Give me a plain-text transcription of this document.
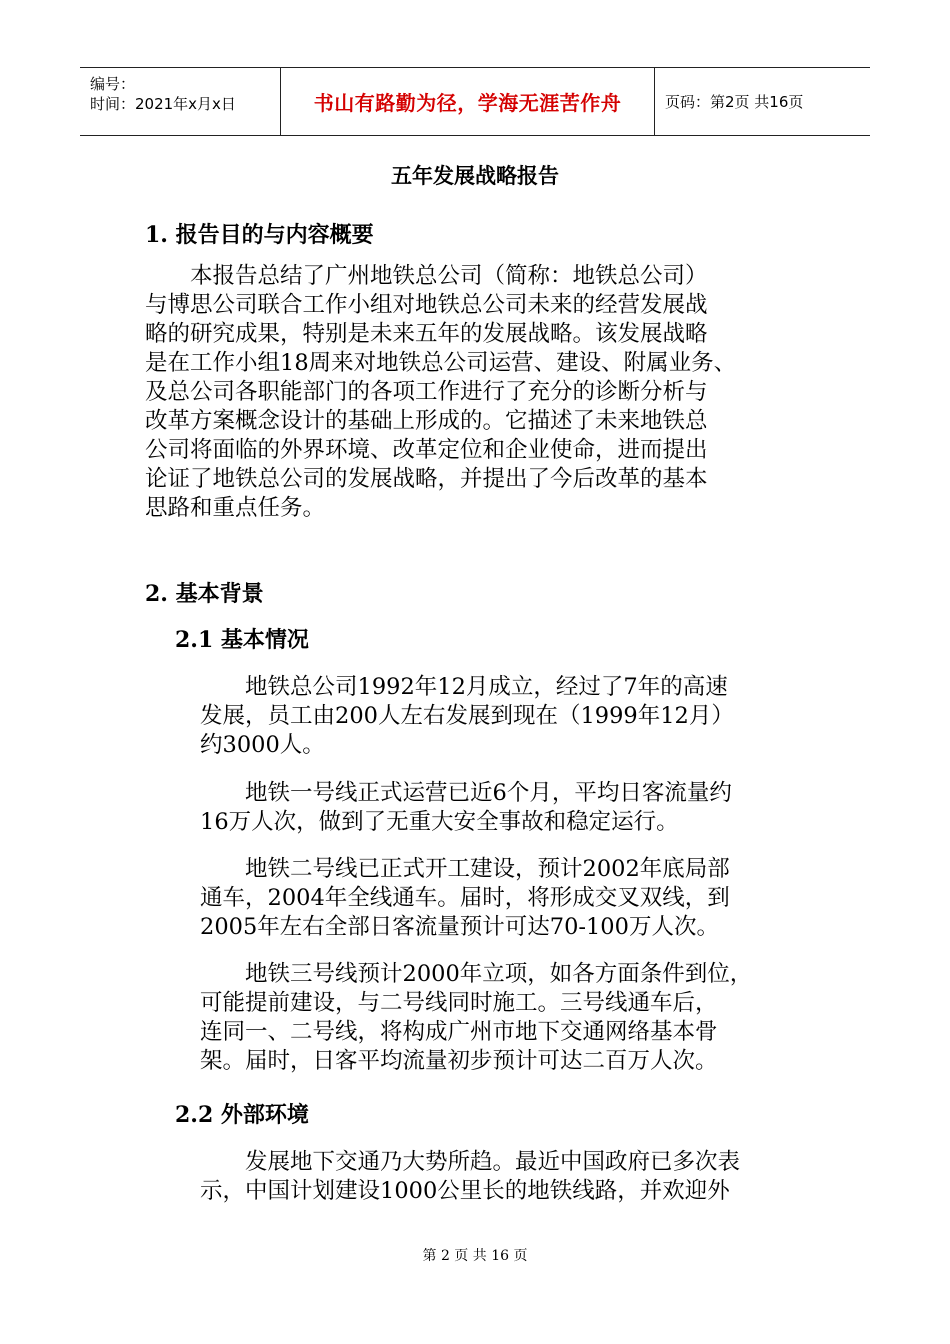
编号：
时间：2021年x月x日	书山有路勤为径，学海无涯苦作舟	页码：第2页 共16页
五年发展战略报告
1. 报告目的与内容概要
　　本报告总结了广州地铁总公司（简称：地铁总公司）
与博思公司联合工作小组对地铁总公司未来的经营发展战
略的研究成果，特别是未来五年的发展战略。该发展战略
是在工作小组18周来对地铁总公司运营、建设、附属业务、
及总公司各职能部门的各项工作进行了充分的诊断分析与
改革方案概念设计的基础上形成的。它描述了未来地铁总
公司将面临的外界环境、改革定位和企业使命，进而提出
论证了地铁总公司的发展战略，并提出了今后改革的基本
思路和重点任务。
2. 基本背景
2.1 基本情况
　　地铁总公司1992年12月成立，经过了7年的高速
发展，员工由200人左右发展到现在（1999年12月）
约3000人。
　　地铁一号线正式运营已近6个月，平均日客流量约
16万人次，做到了无重大安全事故和稳定运行。
　　地铁二号线已正式开工建设，预计2002年底局部
通车，2004年全线通车。届时，将形成交叉双线，到
2005年左右全部日客流量预计可达70-100万人次。
　　地铁三号线预计2000年立项，如各方面条件到位，
可能提前建设，与二号线同时施工。三号线通车后，
连同一、二号线，将构成广州市地下交通网络基本骨
架。届时，日客平均流量初步预计可达二百万人次。
2.2 外部环境
　　发展地下交通乃大势所趋。最近中国政府已多次表
示，中国计划建设1000公里长的地铁线路，并欢迎外
第 2 页 共 16 页
